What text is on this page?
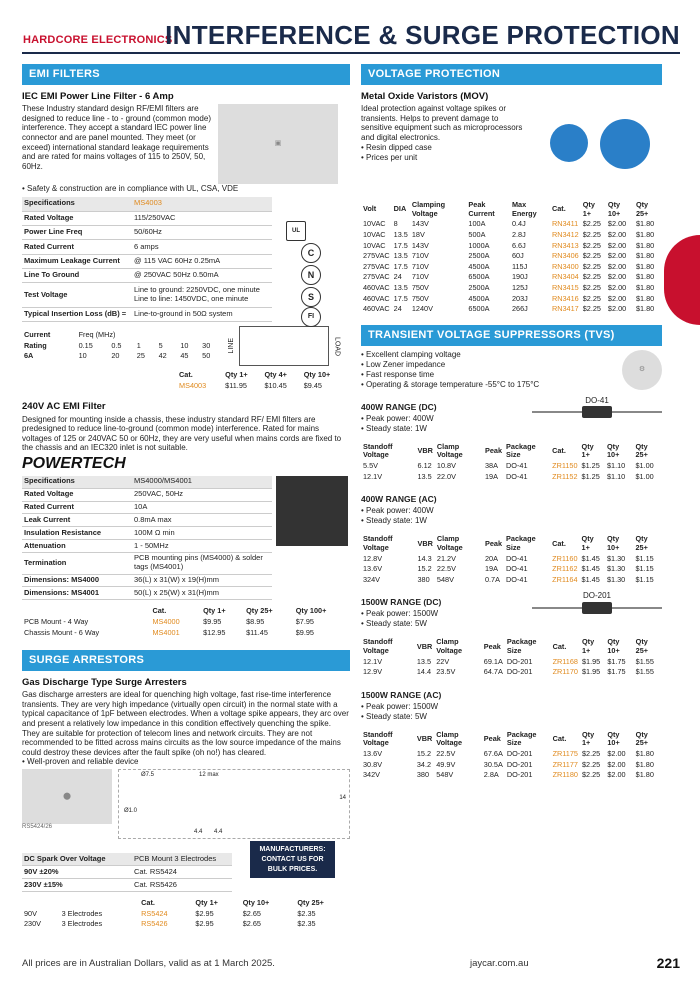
HARDCORE ELECTRONICS
INTERFERENCE & SURGE PROTECTION
EMI FILTERS
IEC EMI Power Line Filter - 6 Amp

These Industry standard design RF/EMI filters are designed to reduce line - to - ground (common mode) interference. They accept a standard IEC power line connector and are panel mounted. They meet (or exceed) international standard leakage requirements and are rated for mains voltages of 115 to 250V, 50, 60Hz.

▣
• Safety & construction are in compliance with UL, CSA, VDE
Specifications	MS4003
Rated Voltage	115/250VAC
Power Line Freq	50/60Hz
Rated Current	6 amps
Maximum Leakage Current	@ 115 VAC 60Hz 0.25mA
Line To Ground	@ 250VAC 50Hz 0.50mA
Test Voltage	Line to ground: 2250VDC, one minute Line to line: 1450VDC, one minute
Typical Insertion Loss (dB) =	Line-to-ground in 50Ω system
C
N
S
FI
UL
Current	Freq (MHz)					
Rating	0.15	0.5	1	5	10	30
6A	10	20	25	42	45	50
LINE	LOAD
Cat.	Qty 1+	Qty 4+	Qty 10+
MS4003	$11.95	$10.45	$9.45
240V AC EMI Filter

Designed for mounting inside a chassis, these industry standard RF/ EMI filters are predesigned to reduce line-to-ground (common mode) interference. Rated for mains voltages of 125 or 240VAC 50 or 60Hz, they are very useful when mains cords are fixed to the chassis and an IEC320 inlet is not suitable.

POWERTECH
Specifications	MS4000/MS4001
Rated Voltage	250VAC, 50Hz
Rated Current	10A
Leak Current	0.8mA max
Insulation Resistance	100M Ω min
Attenuation	1 - 50MHz
Termination	PCB mounting pins (MS4000) & solder tags (MS4001)
Dimensions: MS4000	36(L) x 31(W) x 19(H)mm
Dimensions: MS4001	50(L) x 25(W) x 31(H)mm
	Cat.	Qty 1+	Qty 25+	Qty 100+
PCB Mount - 4 Way	MS4000	$9.95	$8.95	$7.95
Chassis Mount - 6 Way	MS4001	$12.95	$11.45	$9.95
SURGE ARRESTORS
Gas Discharge Type Surge Arresters

Gas discharge arresters are ideal for quenching high voltage, fast rise-time interference transients. They are very high impedance (virtually open circuit) in the normal state with a typical capacitance of 1pF between electrodes. When a voltage spike appears, they arc over and present a relatively low impedance in this condition effectively quenching the spike. They are suitable for protection of telecom lines and network circuits. They are not recommended to be fitted across mains circuits as the low source impedance of the mains could destroy these devices after the fault spike (oh no!) has cleared.

• Well-proven and reliable device
⬤
RS5424/26
Ø7.5	12 max
Ø1.0
14
4.4 4.4
DC Spark Over Voltage	PCB Mount 3 Electrodes
90V ±20%	Cat. RS5424
230V ±15%	Cat. RS5426
		Cat.	Qty 1+	Qty 10+	Qty 25+
90V	3 Electrodes	RS5424	$2.95	$2.65	$2.35
230V	3 Electrodes	RS5426	$2.95	$2.65	$2.35
MANUFACTURERS: CONTACT US FOR BULK PRICES.
VOLTAGE PROTECTION
Metal Oxide Varistors (MOV)

Ideal protection against voltage spikes or transients. Helps to prevent damage to sensitive equipment such as microprocessors and digital electronics.

• Resin dipped case
• Prices per unit
Volt	DIA	Clamping Voltage	Peak Current	Max Energy	Cat.	Qty 1+	Qty 10+	Qty 25+
10VAC	8	143V	100A	0.4J	RN3411	$2.25	$2.00	$1.80
10VAC	13.5	18V	500A	2.8J	RN3412	$2.25	$2.00	$1.80
10VAC	17.5	143V	1000A	6.6J	RN3413	$2.25	$2.00	$1.80
275VAC	13.5	710V	2500A	60J	RN3406	$2.25	$2.00	$1.80
275VAC	17.5	710V	4500A	115J	RN3400	$2.25	$2.00	$1.80
275VAC	24	710V	6500A	190J	RN3404	$2.25	$2.00	$1.80
460VAC	13.5	750V	2500A	125J	RN3415	$2.25	$2.00	$1.80
460VAC	17.5	750V	4500A	203J	RN3416	$2.25	$2.00	$1.80
460VAC	24	1240V	6500A	266J	RN3417	$2.25	$2.00	$1.80
TRANSIENT VOLTAGE SUPPRESSORS (TVS)
• Excellent clamping voltage
• Low Zener impedance
• Fast response time
• Operating & storage temperature -55°C to 175°C
⚙
400W RANGE (DC)
• Peak power: 400W
• Steady state: 1W
DO-41
Standoff Voltage	VBR	Clamp Voltage	Peak	Package Size	Cat.	Qty 1+	Qty 10+	Qty 25+
5.5V	6.12	10.8V	38A	DO-41	ZR1150	$1.25	$1.10	$1.00
12.1V	13.5	22.0V	19A	DO-41	ZR1152	$1.25	$1.10	$1.00
400W RANGE (AC)
• Peak power: 400W
• Steady state: 1W
Standoff Voltage	VBR	Clamp Voltage	Peak	Package Size	Cat.	Qty 1+	Qty 10+	Qty 25+
12.8V	14.3	21.2V	20A	DO-41	ZR1160	$1.45	$1.30	$1.15
13.6V	15.2	22.5V	19A	DO-41	ZR1162	$1.45	$1.30	$1.15
324V	380	548V	0.7A	DO-41	ZR1164	$1.45	$1.30	$1.15
1500W RANGE (DC)
• Peak power: 1500W
• Steady state: 5W
DO-201
Standoff Voltage	VBR	Clamp Voltage	Peak	Package Size	Cat.	Qty 1+	Qty 10+	Qty 25+
12.1V	13.5	22V	69.1A	DO-201	ZR1168	$1.95	$1.75	$1.55
12.9V	14.4	23.5V	64.7A	DO-201	ZR1170	$1.95	$1.75	$1.55
1500W RANGE (AC)
• Peak power: 1500W
• Steady state: 5W
Standoff Voltage	VBR	Clamp Voltage	Peak	Package Size	Cat.	Qty 1+	Qty 10+	Qty 25+
13.6V	15.2	22.5V	67.6A	DO-201	ZR1175	$2.25	$2.00	$1.80
30.8V	34.2	49.9V	30.5A	DO-201	ZR1177	$2.25	$2.00	$1.80
342V	380	548V	2.8A	DO-201	ZR1180	$2.25	$2.00	$1.80
All prices are in Australian Dollars, valid as at 1 March 2025.	jaycar.com.au	221
